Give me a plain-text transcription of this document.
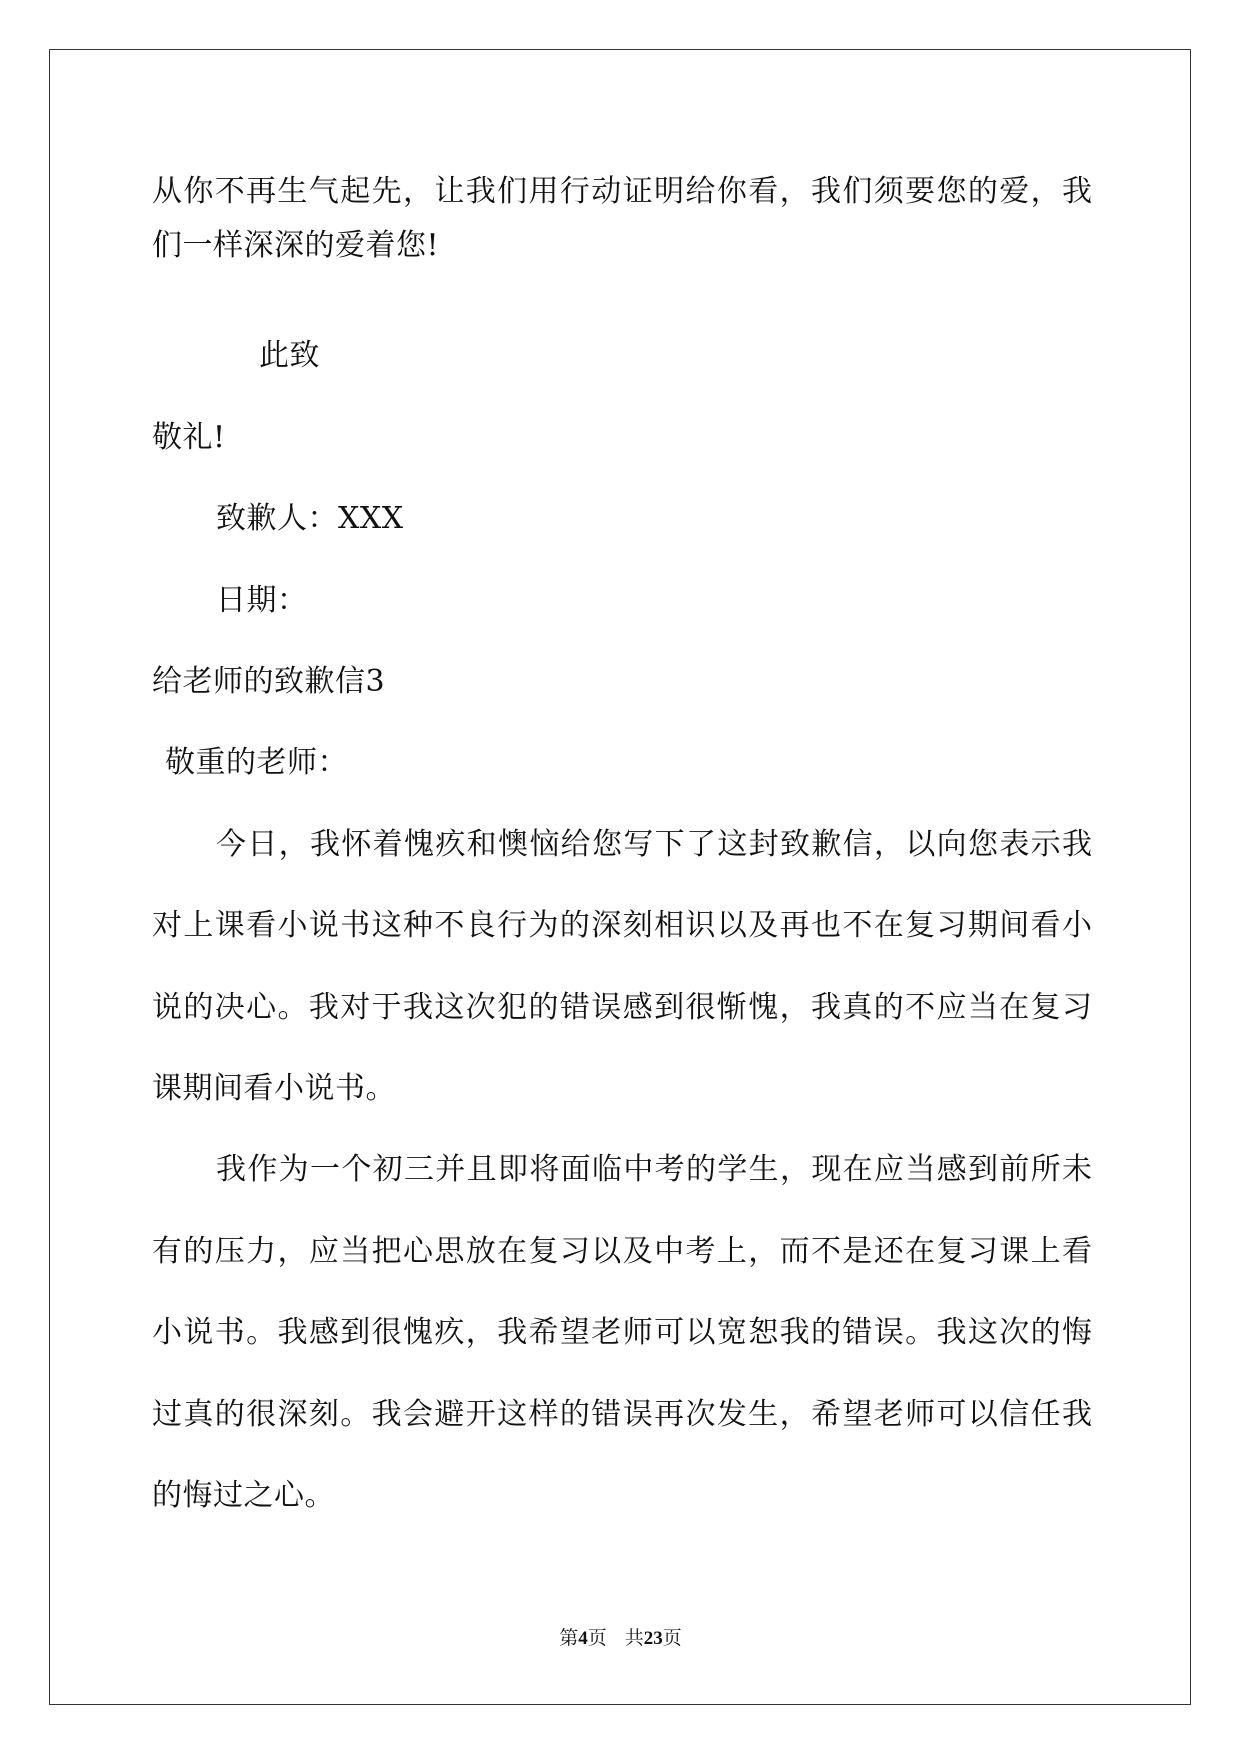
从你不再生气起先，让我们用行动证明给你看，我们须要您的爱，我
们一样深深的爱着您!
此致
敬礼!
致歉人：XXX
日期：
给老师的致歉信3
敬重的老师：
今日，我怀着愧疚和懊恼给您写下了这封致歉信，以向您表示我
对上课看小说书这种不良行为的深刻相识以及再也不在复习期间看小
说的决心。我对于我这次犯的错误感到很惭愧，我真的不应当在复习
课期间看小说书。
我作为一个初三并且即将面临中考的学生，现在应当感到前所未
有的压力，应当把心思放在复习以及中考上，而不是还在复习课上看
小说书。我感到很愧疚，我希望老师可以宽恕我的错误。我这次的悔
过真的很深刻。我会避开这样的错误再次发生，希望老师可以信任我
的悔过之心。
第4页 共23页
